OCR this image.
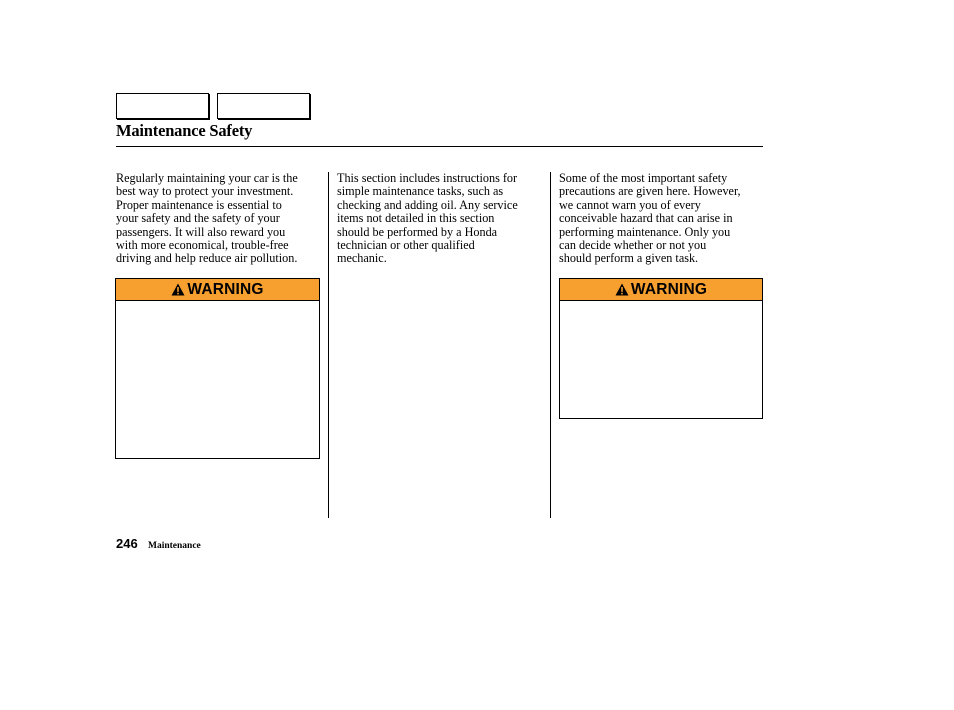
Maintenance Safety
Regularly maintaining your car is the
best way to protect your investment.
Proper maintenance is essential to
your safety and the safety of your
passengers. It will also reward you
with more economical, trouble-free
driving and help reduce air pollution.
This section includes instructions for
simple maintenance tasks, such as
checking and adding oil. Any service
items not detailed in this section
should be performed by a Honda
technician or other qualified
mechanic.
Some of the most important safety
precautions are given here. However,
we cannot warn you of every
conceivable hazard that can arise in
performing maintenance. Only you
can decide whether or not you
should perform a given task.
WARNING	WARNING
246 Maintenance
